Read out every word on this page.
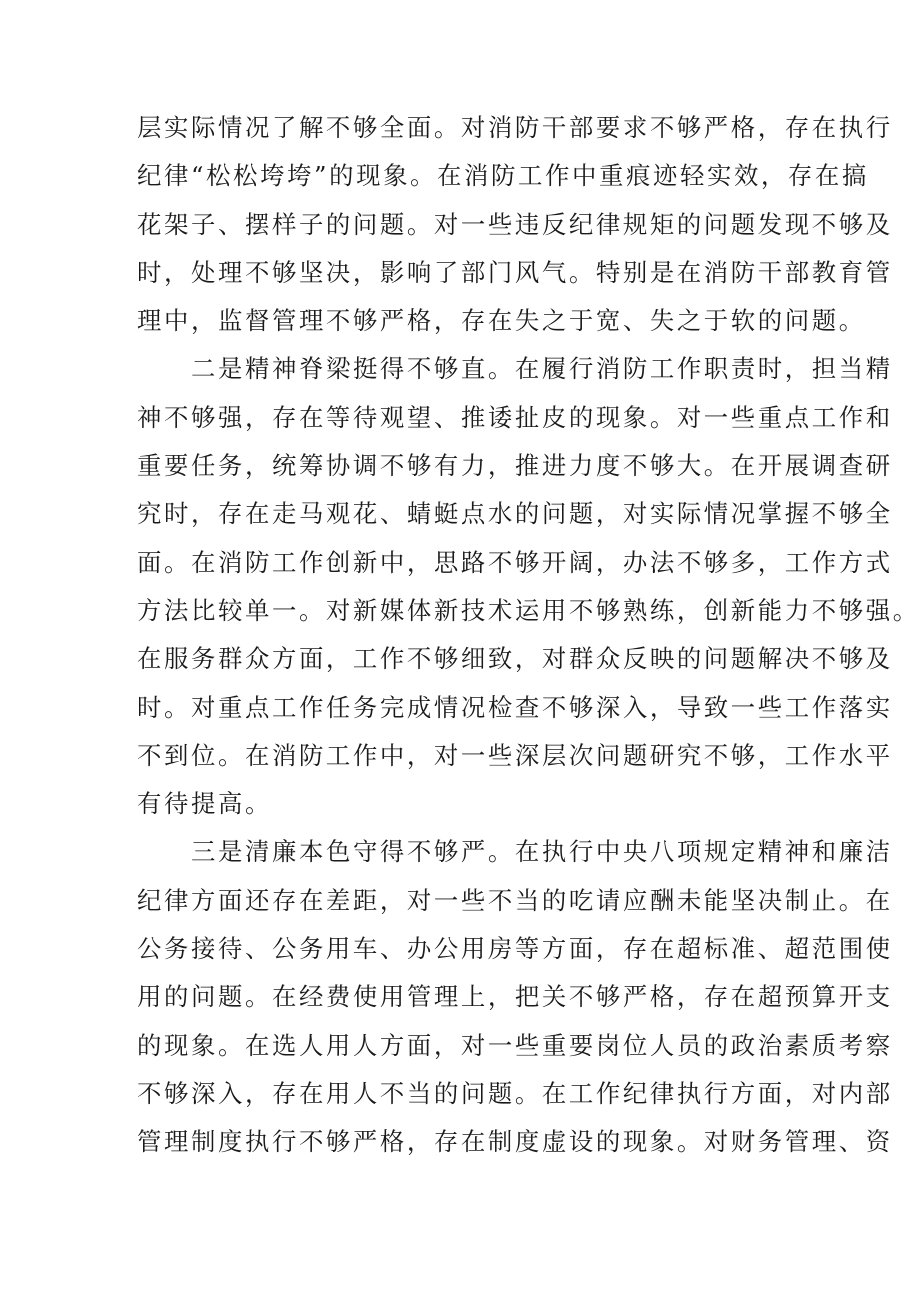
层实际情况了解不够全面。对消防干部要求不够严格，存在执行
纪律“松松垮垮”的现象。在消防工作中重痕迹轻实效，存在搞
花架子、摆样子的问题。对一些违反纪律规矩的问题发现不够及
时，处理不够坚决，影响了部门风气。特别是在消防干部教育管
理中，监督管理不够严格，存在失之于宽、失之于软的问题。
二是精神脊梁挺得不够直。在履行消防工作职责时，担当精
神不够强，存在等待观望、推诿扯皮的现象。对一些重点工作和
重要任务，统筹协调不够有力，推进力度不够大。在开展调查研
究时，存在走马观花、蜻蜓点水的问题，对实际情况掌握不够全
面。在消防工作创新中，思路不够开阔，办法不够多，工作方式
方法比较单一。对新媒体新技术运用不够熟练，创新能力不够强。
在服务群众方面，工作不够细致，对群众反映的问题解决不够及
时。对重点工作任务完成情况检查不够深入，导致一些工作落实
不到位。在消防工作中，对一些深层次问题研究不够，工作水平
有待提高。
三是清廉本色守得不够严。在执行中央八项规定精神和廉洁
纪律方面还存在差距，对一些不当的吃请应酬未能坚决制止。在
公务接待、公务用车、办公用房等方面，存在超标准、超范围使
用的问题。在经费使用管理上，把关不够严格，存在超预算开支
的现象。在选人用人方面，对一些重要岗位人员的政治素质考察
不够深入，存在用人不当的问题。在工作纪律执行方面，对内部
管理制度执行不够严格，存在制度虚设的现象。对财务管理、资
